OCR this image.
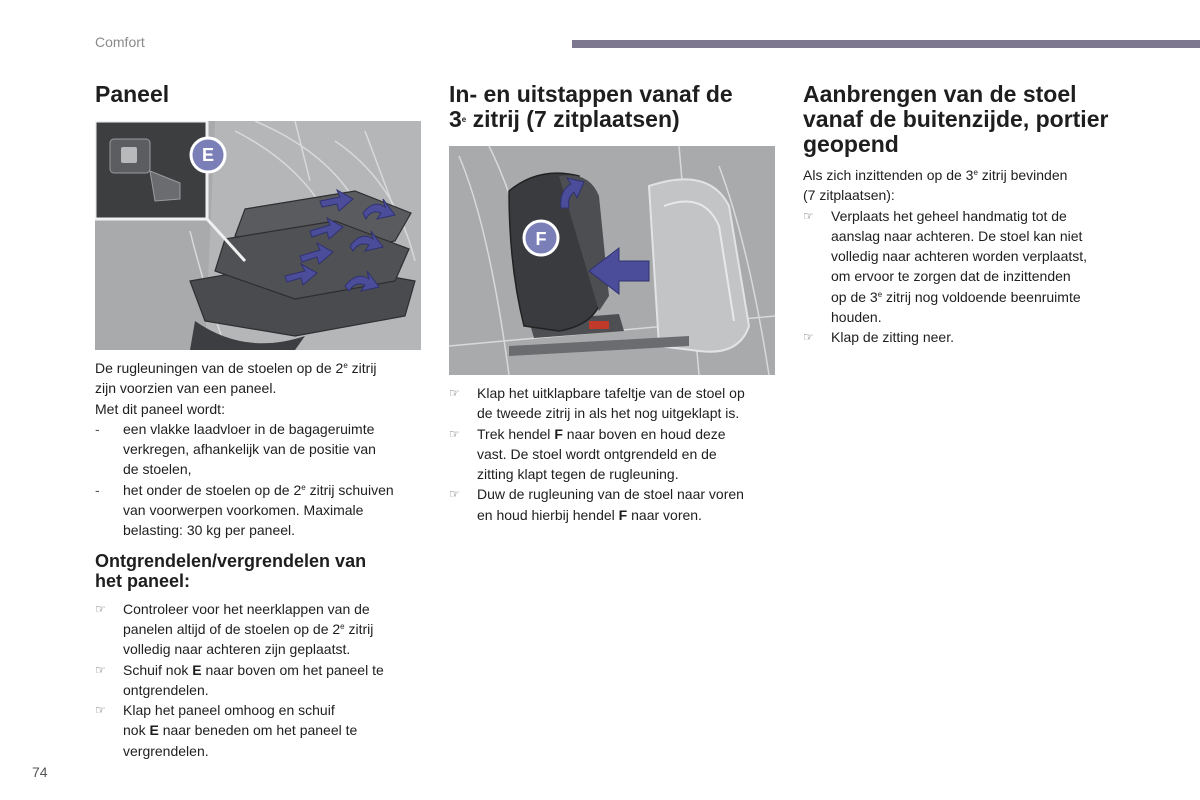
Comfort
74
Paneel
E

De rugleuningen van de stoelen op de 2e zitrij

zijn voorzien van een paneel.

Met dit paneel wordt:

-	een vlakke laadvloer in de bagageruimte
verkregen, afhankelijk van de positie van
de stoelen,
-	het onder de stoelen op de 2e zitrij schuiven
van voorwerpen voorkomen. Maximale
belasting: 30 kg per paneel.
Ontgrendelen/vergrendelen van
het paneel:
☞	Controleer voor het neerklappen van de
panelen altijd of de stoelen op de 2e zitrij
volledig naar achteren zijn geplaatst.
☞	Schuif nok E naar boven om het paneel te
ontgrendelen.
☞	Klap het paneel omhoog en schuif
nok E naar beneden om het paneel te
vergrendelen.
In- en uitstappen vanaf de
3e zitrij (7 zitplaatsen)
F
☞	Klap het uitklapbare tafeltje van de stoel op
de tweede zitrij in als het nog uitgeklapt is.
☞	Trek hendel F naar boven en houd deze
vast. De stoel wordt ontgrendeld en de
zitting klapt tegen de rugleuning.
☞	Duw de rugleuning van de stoel naar voren
en houd hierbij hendel F naar voren.
Aanbrengen van de stoel
vanaf de buitenzijde, portier
geopend

Als zich inzittenden op de 3e zitrij bevinden

(7 zitplaatsen):

☞	Verplaats het geheel handmatig tot de
aanslag naar achteren. De stoel kan niet
volledig naar achteren worden verplaatst,
om ervoor te zorgen dat de inzittenden
op de 3e zitrij nog voldoende beenruimte
houden.
☞	Klap de zitting neer.
